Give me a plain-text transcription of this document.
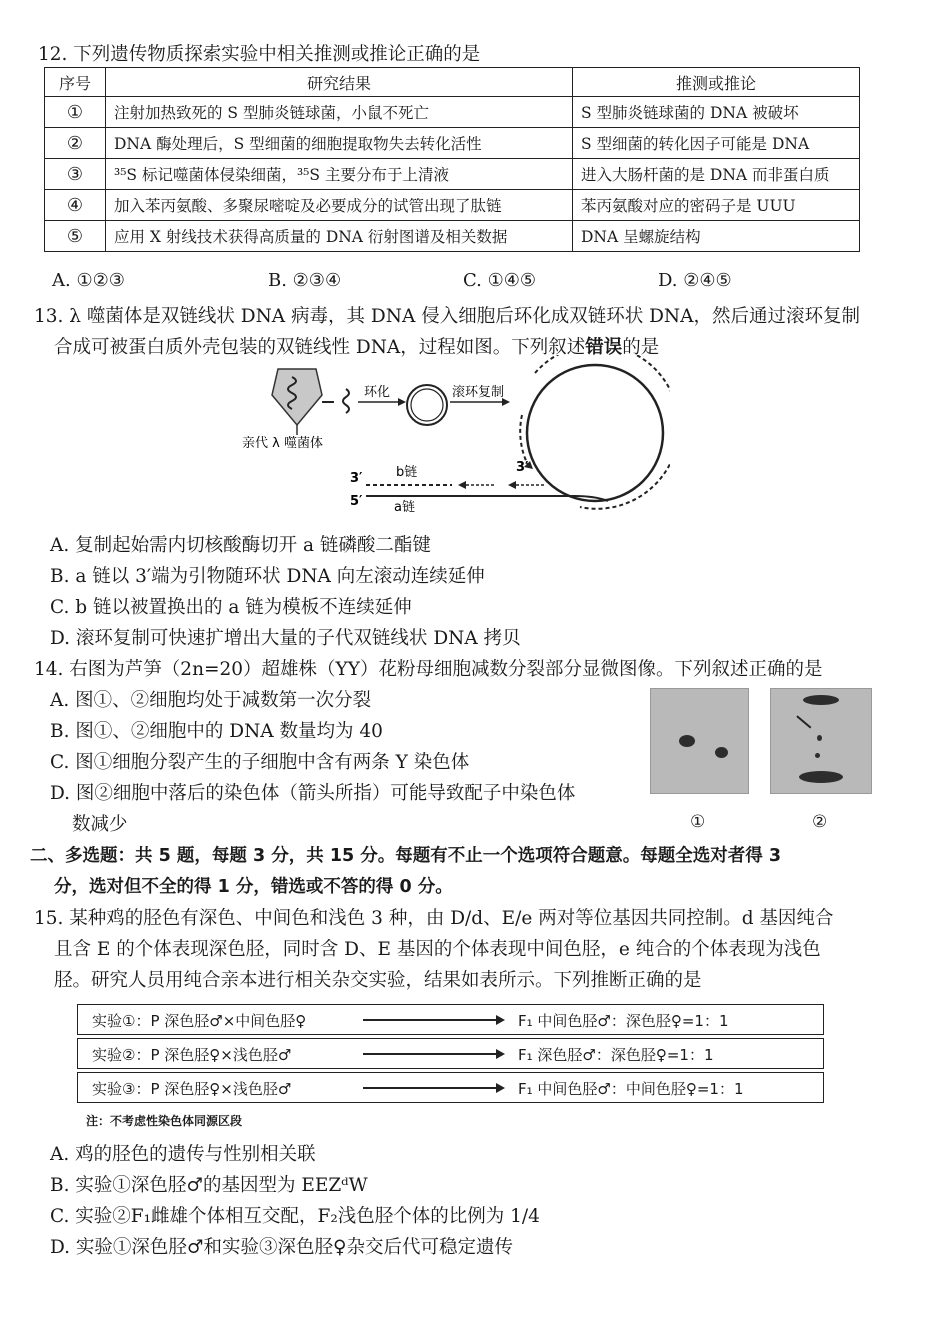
12. 下列遗传物质探索实验中相关推测或推论正确的是
序号	研究结果	推测或推论
①	注射加热致死的 S 型肺炎链球菌，小鼠不死亡	S 型肺炎链球菌的 DNA 被破坏
②	DNA 酶处理后，S 型细菌的细胞提取物失去转化活性	S 型细菌的转化因子可能是 DNA
③	³⁵S 标记噬菌体侵染细菌，³⁵S 主要分布于上清液	进入大肠杆菌的是 DNA 而非蛋白质
④	加入苯丙氨酸、多聚尿嘧啶及必要成分的试管出现了肽链	苯丙氨酸对应的密码子是 UUU
⑤	应用 X 射线技术获得高质量的 DNA 衍射图谱及相关数据	DNA 呈螺旋结构
A. ①②③	B. ②③④	C. ①④⑤	D. ②④⑤
13. λ 噬菌体是双链线状 DNA 病毒，其 DNA 侵入细胞后环化成双链环状 DNA，然后通过滚环复制
合成可被蛋白质外壳包装的双链线性 DNA，过程如图。下列叙述错误的是
环化	滚环复制
3′
亲代 λ 噬菌体
3′
5′
b链
a链
A. 复制起始需内切核酸酶切开 a 链磷酸二酯键
B. a 链以 3′端为引物随环状 DNA 向左滚动连续延伸
C. b 链以被置换出的 a 链为模板不连续延伸
D. 滚环复制可快速扩增出大量的子代双链线状 DNA 拷贝
14. 右图为芦笋（2n=20）超雄株（YY）花粉母细胞减数分裂部分显微图像。下列叙述正确的是
A. 图①、②细胞均处于减数第一次分裂
B. 图①、②细胞中的 DNA 数量均为 40
C. 图①细胞分裂产生的子细胞中含有两条 Y 染色体
D. 图②细胞中落后的染色体（箭头所指）可能导致配子中染色体
数减少	①	②
二、多选题：共 5 题，每题 3 分，共 15 分。每题有不止一个选项符合题意。每题全选对者得 3
分，选对但不全的得 1 分，错选或不答的得 0 分。
15. 某种鸡的胫色有深色、中间色和浅色 3 种，由 D/d、E/e 两对等位基因共同控制。d 基因纯合
且含 E 的个体表现深色胫，同时含 D、E 基因的个体表现中间色胫，e 纯合的个体表现为浅色
胫。研究人员用纯合亲本进行相关杂交实验，结果如表所示。下列推断正确的是
实验①：P 深色胫♂×中间色胫♀	F₁ 中间色胫♂：深色胫♀=1：1
实验②：P 深色胫♀×浅色胫♂	F₁ 深色胫♂：深色胫♀=1：1
实验③：P 深色胫♀×浅色胫♂	F₁ 中间色胫♂：中间色胫♀=1：1
注：不考虑性染色体同源区段
A. 鸡的胫色的遗传与性别相关联
B. 实验①深色胫♂的基因型为 EEZᵈW
C. 实验②F₁雌雄个体相互交配，F₂浅色胫个体的比例为 1/4
D. 实验①深色胫♂和实验③深色胫♀杂交后代可稳定遗传
